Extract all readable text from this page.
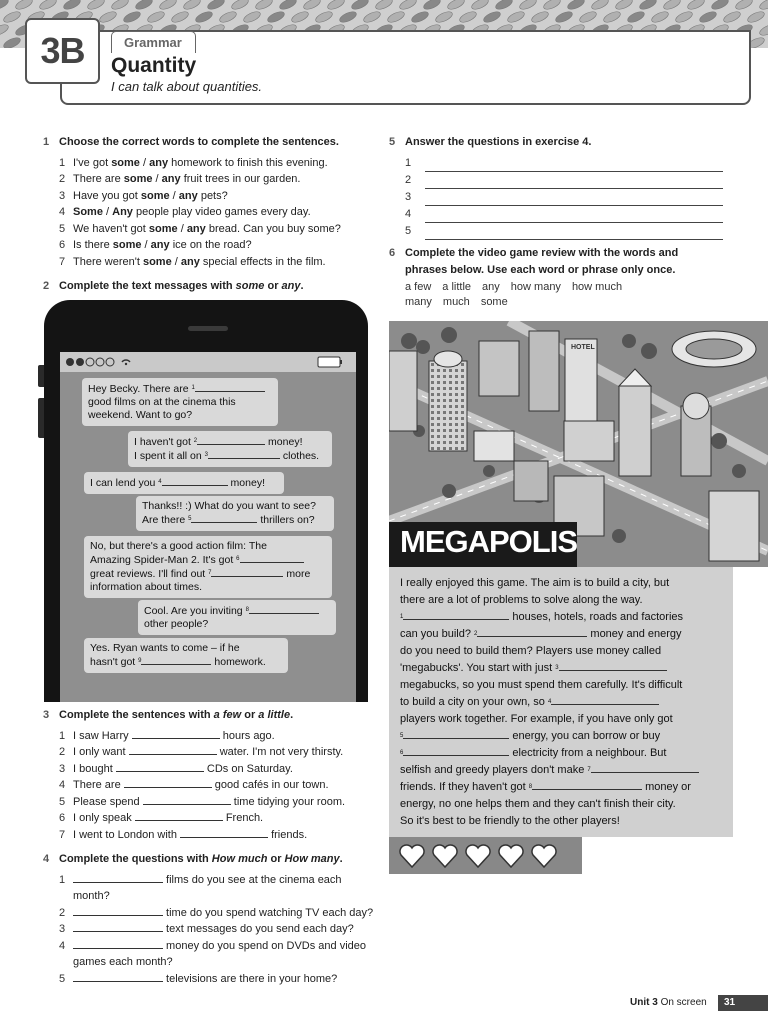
3B	Grammar
Quantity
I can talk about quantities.
1 Choose the correct words to complete the sentences.
1 I've got some / any homework to finish this evening.
2 There are some / any fruit trees in our garden.
3 Have you got some / any pets?
4 Some / Any people play video games every day.
5 We haven't got some / any bread. Can you buy some?
6 Is there some / any ice on the road?
7 There weren't some / any special effects in the film.
2 Complete the text messages with some or any.
Hey Becky. There are $^1$
good films on at the cinema this
weekend. Want to go?
I haven't got $^2$	money!
I spent it all on $^3$	clothes.
I can lend you $^4$	money!
Thanks!! :) What do you want to see?
Are there $^5$	thrillers on?
No, but there's a good action film: The
Amazing Spider-Man 2. It's got $^6$
great reviews. I'll find out $^7$	more
information about times.
Cool. Are you inviting $^8$
other people?
Yes. Ryan wants to come – if he
hasn't got $^9$	homework.
3 Complete the sentences with a few or a little.
1 I saw Harry	hours ago.
2 I only want	water. I'm not very thirsty.
3 I bought	CDs on Saturday.
4 There are	good cafés in our town.
5 Please spend	time tidying your room.
6 I only speak	French.
7 I went to London with	friends.
4 Complete the questions with How much or How many.
1	films do you see at the cinema each
month?
2	time do you spend watching TV each day?
3	text messages do you send each day?
4	money do you spend on DVDs and video
games each month?
5	televisions are there in your home?
5 Answer the questions in exercise 4.
1
2
3
4
5
6 Complete the video game review with the words and
phrases below. Use each word or phrase only once.
a few a little any how many how much
many much some
HOTEL
MEGAPOLIS
I really enjoyed this game. The aim is to build a city, but
there are a lot of problems to solve along the way.
$^1$	houses, hotels, roads and factories
can you build? $^2$	money and energy
do you need to build them? Players use money called
'megabucks'. You start with just $^3$
megabucks, so you must spend them carefully. It's difficult
to build a city on your own, so $^4$
players work together. For example, if you have only got
$^5$	energy, you can borrow or buy
$^6$	electricity from a neighbour. But
selfish and greedy players don't make $^7$
friends. If they haven't got $^8$	money or
energy, no one helps them and they can't finish their city.
So it's best to be friendly to the other players!
Unit 3 On screen	31
